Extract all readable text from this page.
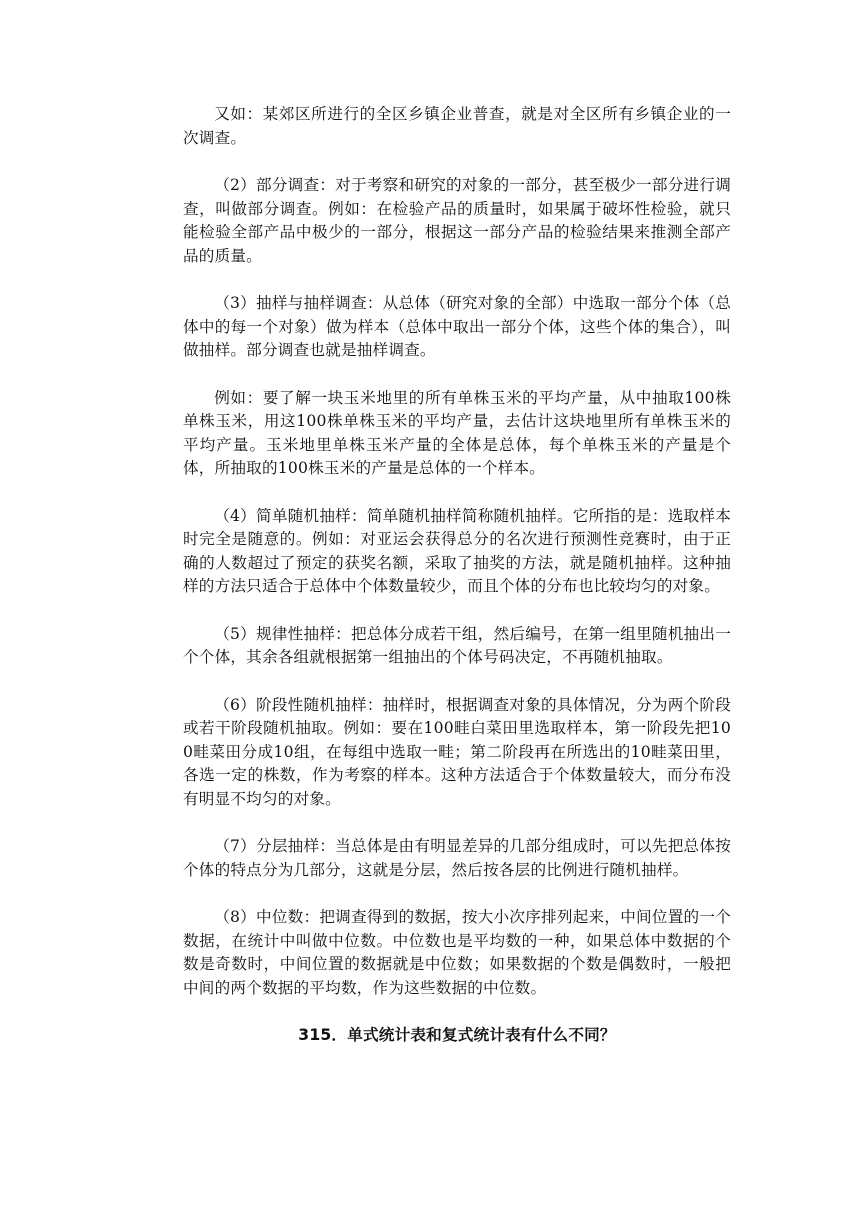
又如：某郊区所进行的全区乡镇企业普查，就是对全区所有乡镇企业的一次调查。

（2）部分调查：对于考察和研究的对象的一部分，甚至极少一部分进行调查，叫做部分调查。例如：在检验产品的质量时，如果属于破坏性检验，就只能检验全部产品中极少的一部分，根据这一部分产品的检验结果来推测全部产品的质量。

（3）抽样与抽样调查：从总体（研究对象的全部）中选取一部分个体（总体中的每一个对象）做为样本（总体中取出一部分个体，这些个体的集合），叫做抽样。部分调查也就是抽样调查。

例如：要了解一块玉米地里的所有单株玉米的平均产量，从中抽取100株单株玉米，用这100株单株玉米的平均产量，去估计这块地里所有单株玉米的平均产量。玉米地里单株玉米产量的全体是总体，每个单株玉米的产量是个体，所抽取的100株玉米的产量是总体的一个样本。

（4）简单随机抽样：简单随机抽样简称随机抽样。它所指的是：选取样本时完全是随意的。例如：对亚运会获得总分的名次进行预测性竞赛时，由于正确的人数超过了预定的获奖名额，采取了抽奖的方法，就是随机抽样。这种抽样的方法只适合于总体中个体数量较少，而且个体的分布也比较均匀的对象。

（5）规律性抽样：把总体分成若干组，然后编号，在第一组里随机抽出一个个体，其余各组就根据第一组抽出的个体号码决定，不再随机抽取。

（6）阶段性随机抽样：抽样时，根据调查对象的具体情况，分为两个阶段或若干阶段随机抽取。例如：要在100畦白菜田里选取样本，第一阶段先把100畦菜田分成10组，在每组中选取一畦；第二阶段再在所选出的10畦菜田里，各选一定的株数，作为考察的样本。这种方法适合于个体数量较大，而分布没有明显不均匀的对象。

（7）分层抽样：当总体是由有明显差异的几部分组成时，可以先把总体按个体的特点分为几部分，这就是分层，然后按各层的比例进行随机抽样。

（8）中位数：把调查得到的数据，按大小次序排列起来，中间位置的一个数据，在统计中叫做中位数。中位数也是平均数的一种，如果总体中数据的个数是奇数时，中间位置的数据就是中位数；如果数据的个数是偶数时，一般把中间的两个数据的平均数，作为这些数据的中位数。

315．单式统计表和复式统计表有什么不同？
